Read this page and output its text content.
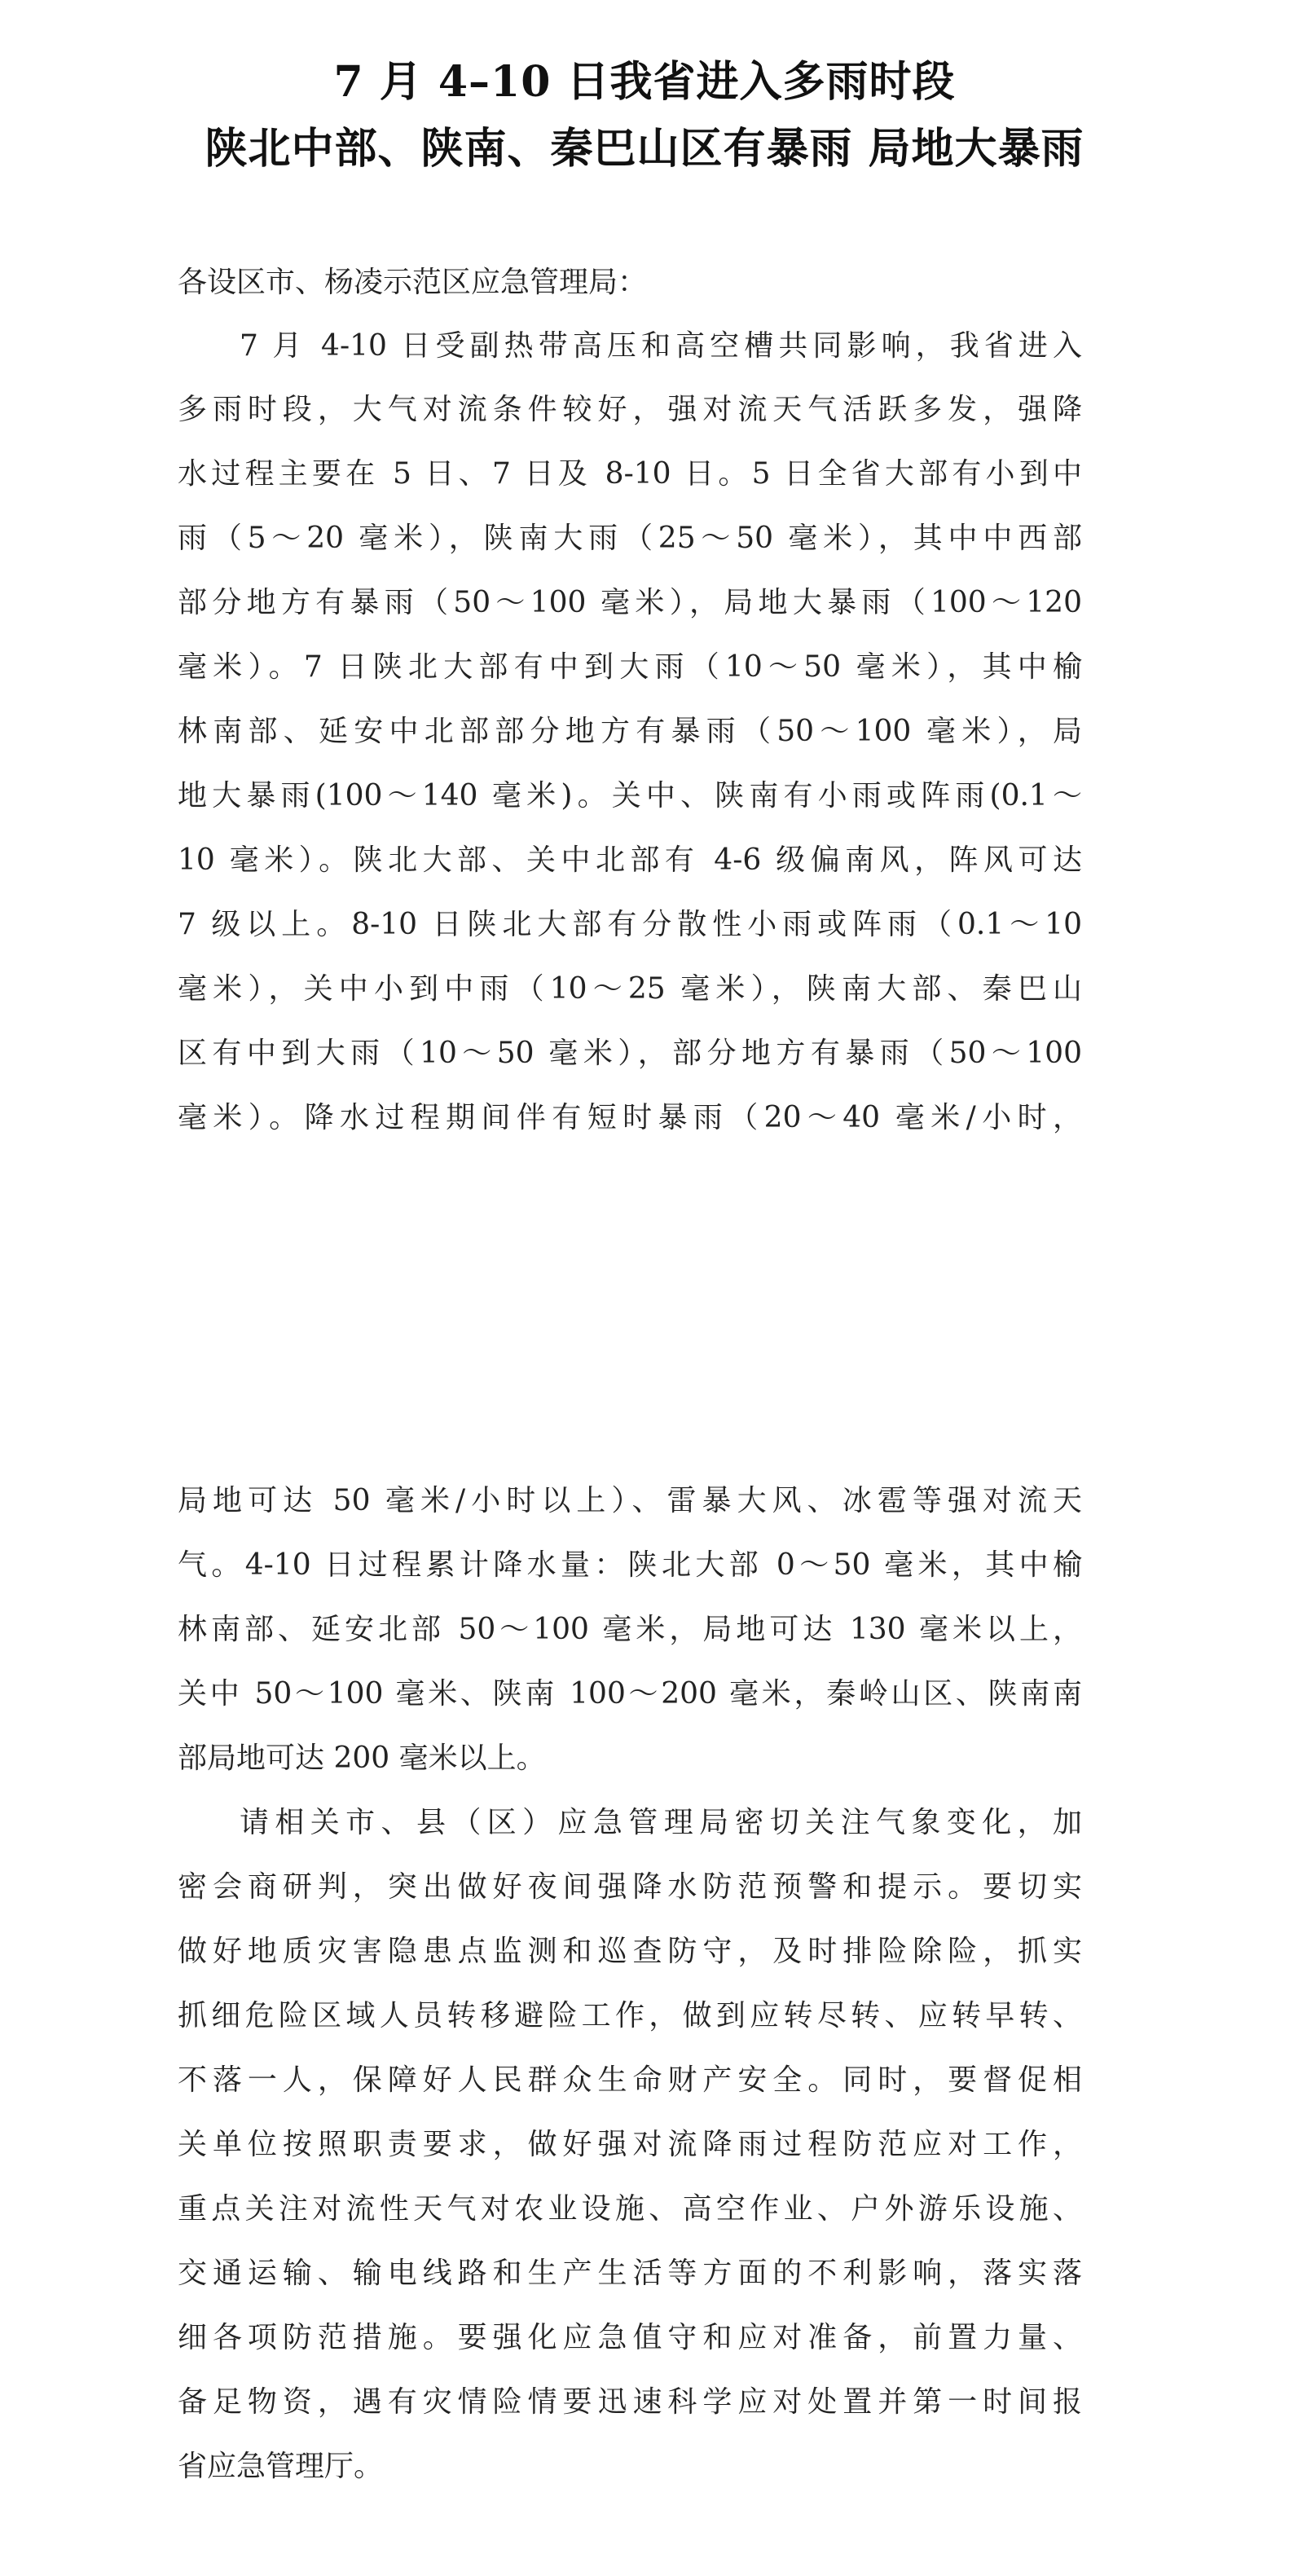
7 月 4–10 日我省进入多雨时段
陕北中部、陕南、秦巴山区有暴雨 局地大暴雨
各设区市、杨凌示范区应急管理局：
7 月 4-10 日受副热带高压和高空槽共同影响，我省进入
多雨时段，大气对流条件较好，强对流天气活跃多发，强降
水过程主要在 5 日、7 日及 8-10 日。5 日全省大部有小到中
雨（5～20 毫米），陕南大雨（25～50 毫米），其中中西部
部分地方有暴雨（50～100 毫米），局地大暴雨（100～120
毫米）。7 日陕北大部有中到大雨（10～50 毫米），其中榆
林南部、延安中北部部分地方有暴雨（50～100 毫米），局
地大暴雨(100～140 毫米)。关中、陕南有小雨或阵雨(0.1～
10 毫米）。陕北大部、关中北部有 4-6 级偏南风，阵风可达
7 级以上。8-10 日陕北大部有分散性小雨或阵雨（0.1～10
毫米），关中小到中雨（10～25 毫米），陕南大部、秦巴山
区有中到大雨（10～50 毫米），部分地方有暴雨（50～100
毫米）。降水过程期间伴有短时暴雨（20～40 毫米/小时，
局地可达 50 毫米/小时以上）、雷暴大风、冰雹等强对流天
气。4-10 日过程累计降水量：陕北大部 0～50 毫米，其中榆
林南部、延安北部 50～100 毫米，局地可达 130 毫米以上，
关中 50～100 毫米、陕南 100～200 毫米，秦岭山区、陕南南
部局地可达 200 毫米以上。
请相关市、县（区）应急管理局密切关注气象变化，加
密会商研判，突出做好夜间强降水防范预警和提示。要切实
做好地质灾害隐患点监测和巡查防守，及时排险除险，抓实
抓细危险区域人员转移避险工作，做到应转尽转、应转早转、
不落一人，保障好人民群众生命财产安全。同时，要督促相
关单位按照职责要求，做好强对流降雨过程防范应对工作，
重点关注对流性天气对农业设施、高空作业、户外游乐设施、
交通运输、输电线路和生产生活等方面的不利影响，落实落
细各项防范措施。要强化应急值守和应对准备，前置力量、
备足物资，遇有灾情险情要迅速科学应对处置并第一时间报
省应急管理厅。
